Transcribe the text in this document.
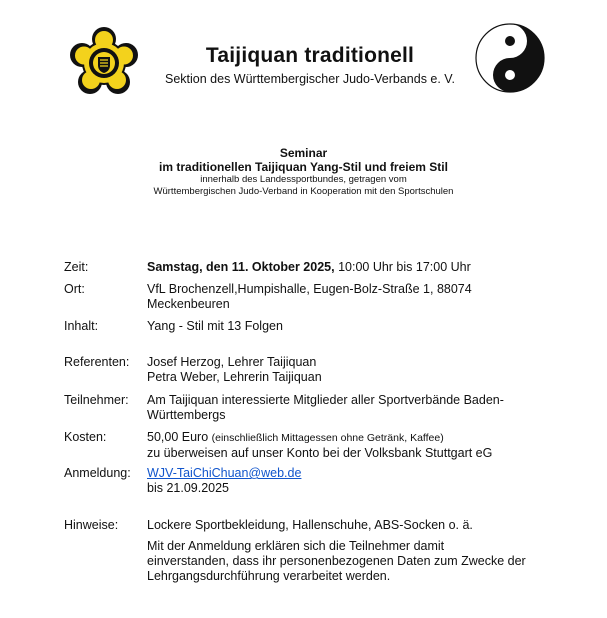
Taijiquan traditionell
Sektion des Württembergischer Judo-Verbands e. V.
Seminar
im traditionellen Taijiquan Yang-Stil und freiem Stil
innerhalb des Landessportbundes, getragen vom
Württembergischen Judo-Verband in Kooperation mit den Sportschulen
Zeit:	Samstag, den 11. Oktober 2025, 10:00 Uhr bis 17:00 Uhr
Ort:	VfL Brochenzell,Humpishalle, Eugen-Bolz-Straße 1, 88074
Meckenbeuren
Inhalt:	Yang - Stil mit 13 Folgen
Referenten:	Josef Herzog, Lehrer Taijiquan
Petra Weber, Lehrerin Taijiquan
Teilnehmer:	Am Taijiquan interessierte Mitglieder aller Sportverbände Baden-
Württembergs
Kosten:	50,00 Euro (einschließlich Mittagessen ohne Getränk, Kaffee)
zu überweisen auf unser Konto bei der Volksbank Stuttgart eG
Anmeldung:	WJV-TaiChiChuan@web.de
bis 21.09.2025
Hinweise:	Lockere Sportbekleidung, Hallenschuhe, ABS-Socken o. ä.
Mit der Anmeldung erklären sich die Teilnehmer damit
einverstanden, dass ihr personenbezogenen Daten zum Zwecke der
Lehrgangsdurchführung verarbeitet werden.
